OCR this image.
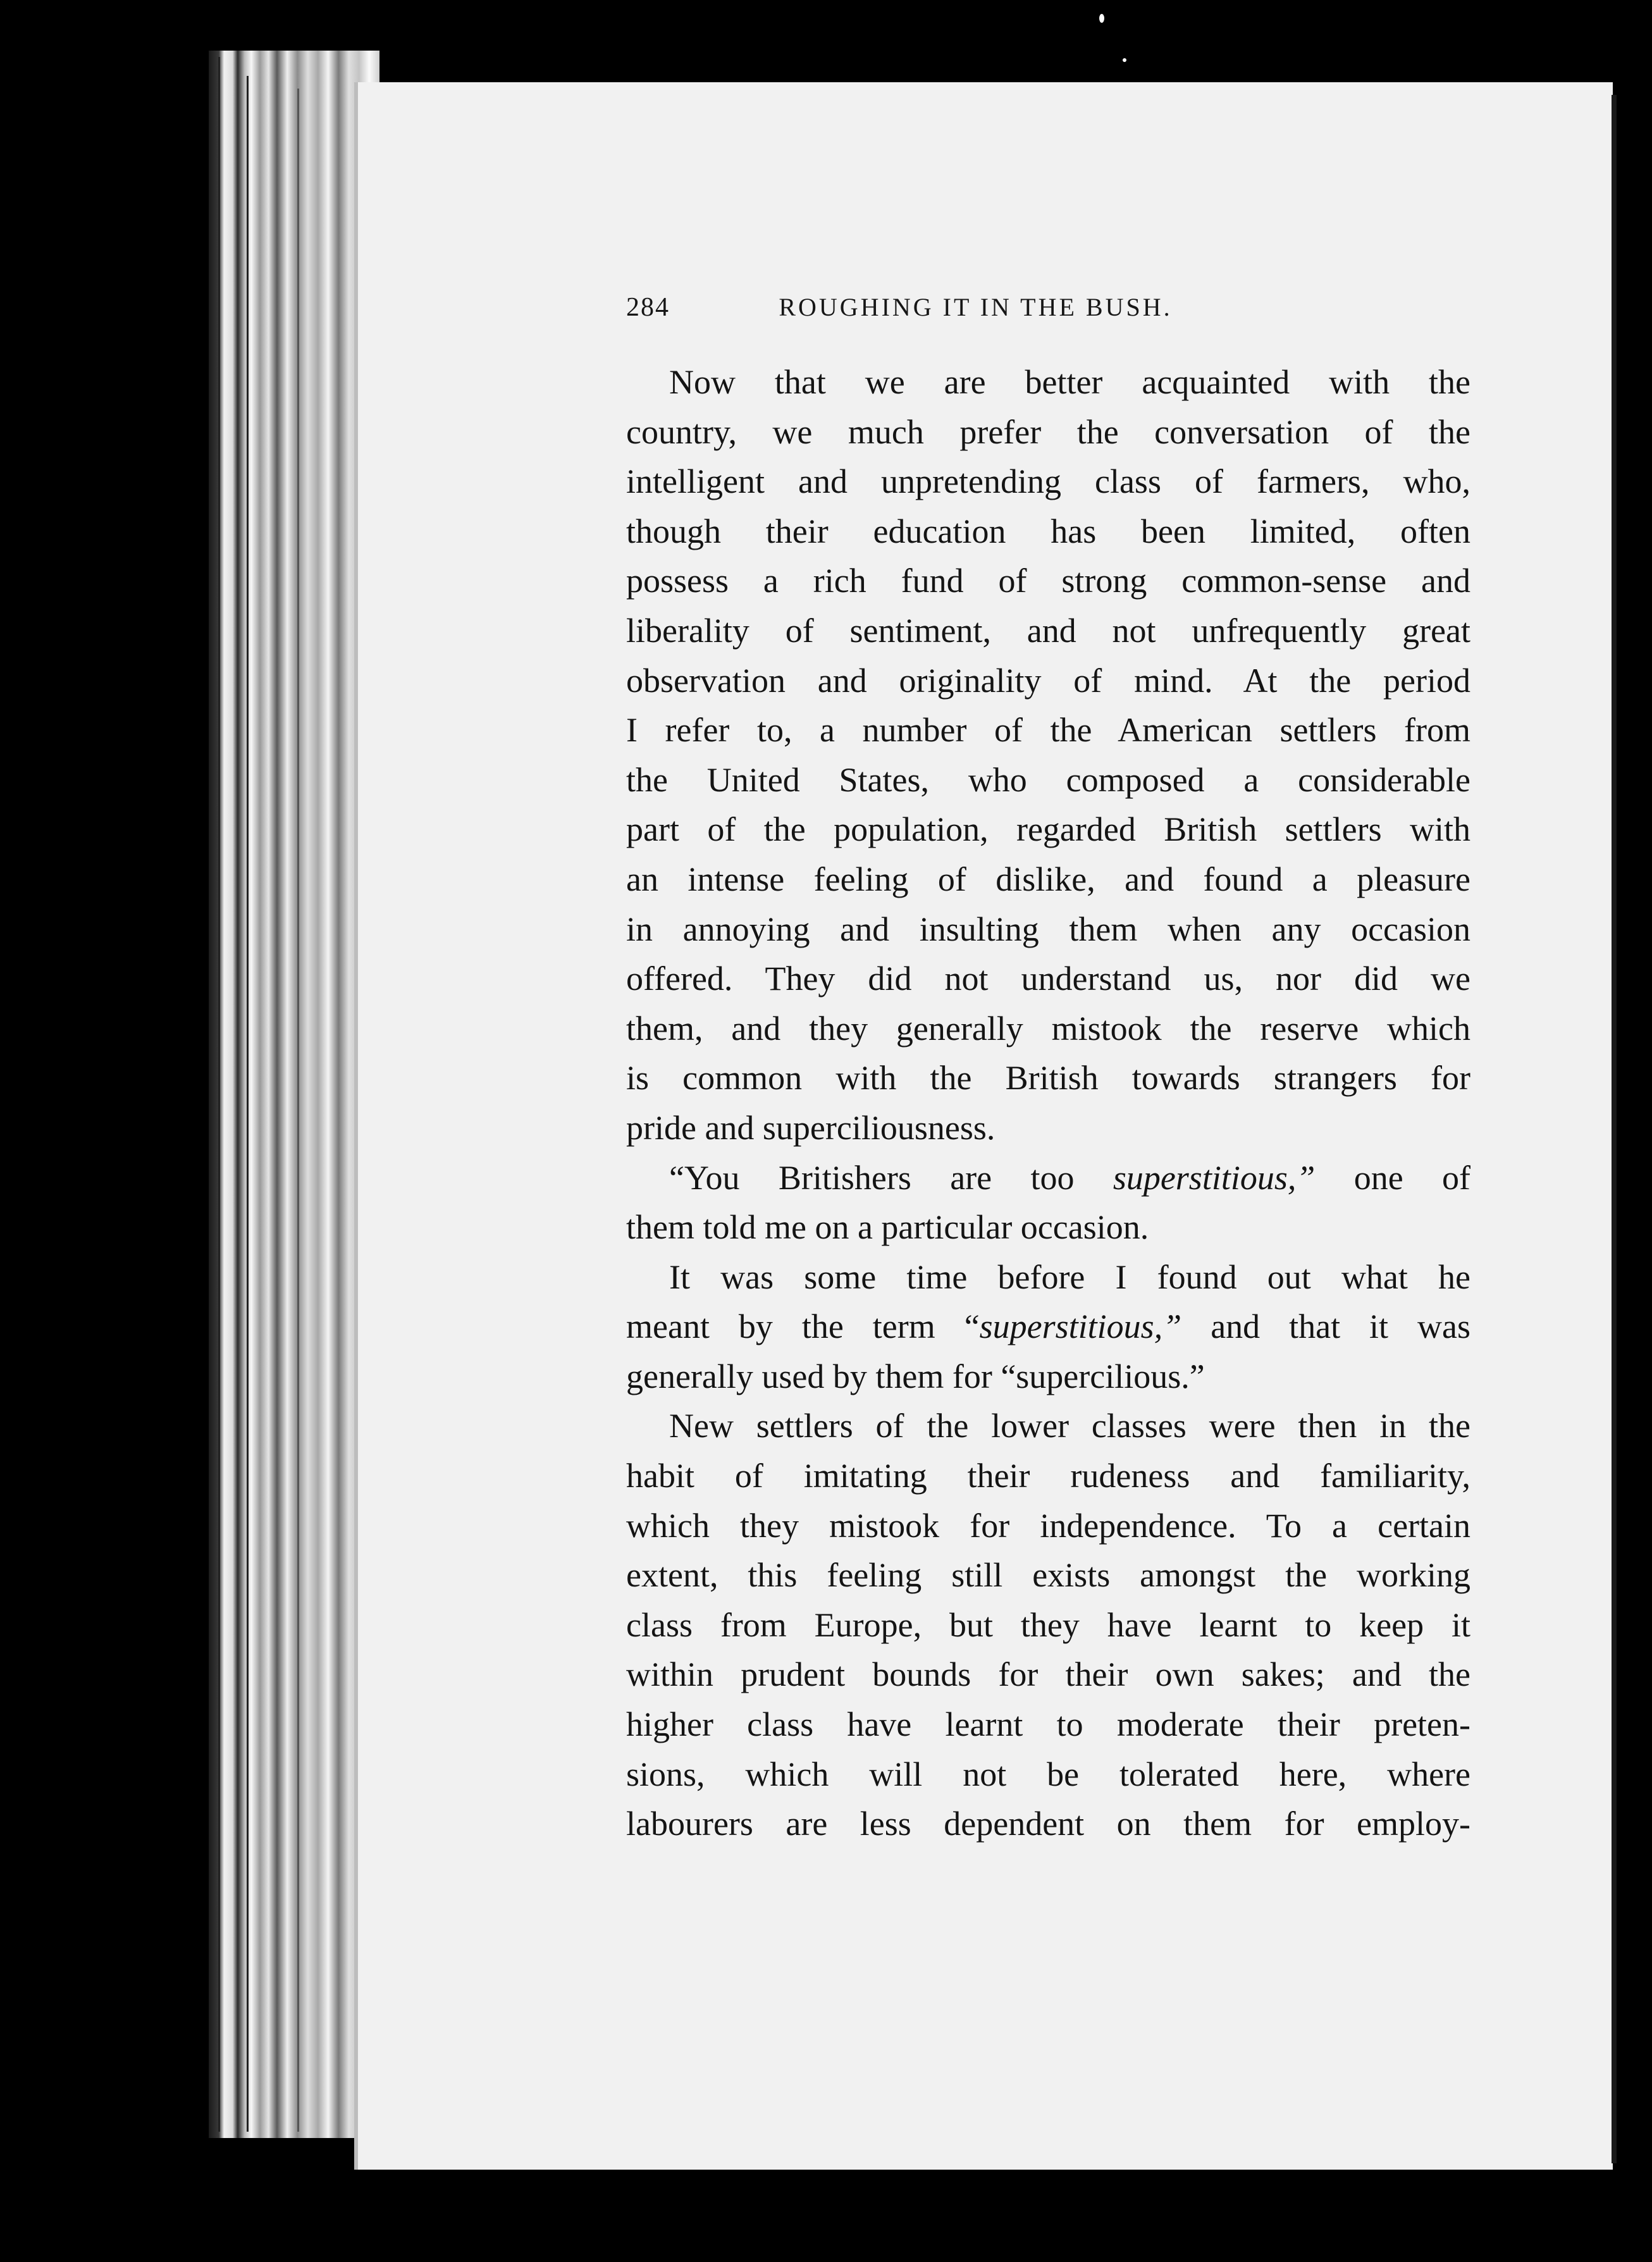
284	ROUGHING IT IN THE BUSH.
Now that we are better acquainted with the
country, we much prefer the conversation of the
intelligent and unpretending class of farmers, who,
though their education has been limited, often
possess a rich fund of strong common-sense and
liberality of sentiment, and not unfrequently great
observation and originality of mind. At the period
I refer to, a number of the American settlers from
the United States, who composed a considerable
part of the population, regarded British settlers with
an intense feeling of dislike, and found a pleasure
in annoying and insulting them when any occasion
offered. They did not understand us, nor did we
them, and they generally mistook the reserve which
is common with the British towards strangers for
pride and superciliousness.
“You Britishers are too superstitious,” one of
them told me on a particular occasion.
It was some time before I found out what he
meant by the term “superstitious,” and that it was
generally used by them for “supercilious.”
New settlers of the lower classes were then in the
habit of imitating their rudeness and familiarity,
which they mistook for independence. To a certain
extent, this feeling still exists amongst the working
class from Europe, but they have learnt to keep it
within prudent bounds for their own sakes; and the
higher class have learnt to moderate their preten-
sions, which will not be tolerated here, where
labourers are less dependent on them for employ-
